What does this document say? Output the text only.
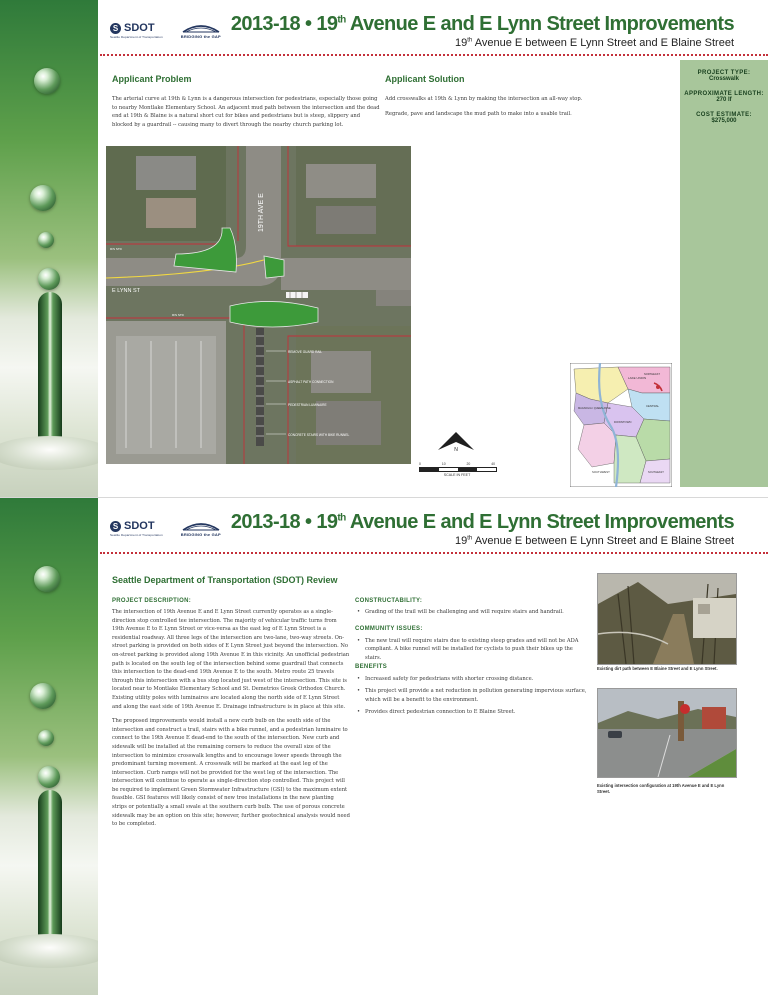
S SDOT
Seattle Department of Transportation	BRIDGING the GAP
2013-18 • 19th Avenue E and E Lynn Street Improvements
19th Avenue E between E Lynn Street and E Blaine Street
Applicant Problem

The arterial curve at 19th & Lynn is a dangerous intersection for pedestrians, especially those going to nearby Montlake Elementary School. An adjacent mud path between the intersection and the dead end at 19th & Blaine is a natural short cut for bikes and pedestrians but is steep, slippery and blocked by a guardrail -- causing many to divert through the nearby church parking lot.

Applicant Solution

Add crosswalks at 19th & Lynn by making the intersection an all-way stop.

Regrade, pave and landscape the mud path to make into a usable trail.

PROJECT TYPE:
Crosswalk
APPROXIMATE LENGTH:
270 lf
COST ESTIMATE:
$275,000
19TH AVE E
E LYNN ST
R/S STD
R/S STD
REMOVE GUARD RAIL
ASPHALT PATH CONNECTION
PEDESTRIAN LUMINAIRE
CONCRETE STAIRS WITH BIKE RUNNEL
N
0	10	20	40
SCALE IN FEET
LAKE UNION
MAGNOLIA / QUEEN ANNE
DOWNTOWN
CENTRAL
SOUTHWEST	SOUTHEAST
NORTHEAST
S SDOT
Seattle Department of Transportation	BRIDGING the GAP
2013-18 • 19th Avenue E and E Lynn Street Improvements
19th Avenue E between E Lynn Street and E Blaine Street
Seattle Department of Transportation (SDOT) Review
PROJECT DESCRIPTION:

The intersection of 19th Avenue E and E Lynn Street currently operates as a single-direction stop controlled tee intersection. The majority of vehicular traffic turns from 19th Avenue E to E Lynn Street or vice-versa as the east leg of E Lynn Street is a residential roadway. All three legs of the intersection are two-lane, two-way streets. On-street parking is provided on both sides of E Lynn Street just beyond the intersection. No on-street parking is provided along 19th Avenue E in this vicinity. An unofficial pedestrian path is located on the south leg of the intersection behind some guardrail that connects this intersection to the dead-end 19th Avenue E to the south. Metro route 25 travels through this intersection with a bus stop located just west of the intersection. This site is located near to Montlake Elementary School and St. Demetrios Greek Orthodox Church. Existing utility poles with luminaires are located along the north side of E Lynn Street and along the east side of 19th Avenue E. Drainage infrastructure is in place at this site.

The proposed improvements would install a new curb bulb on the south side of the intersection and construct a trail, stairs with a bike runnel, and a pedestrian luminaire to connect to the 19th Avenue E dead-end to the south of the intersection. New curb and sidewalk will be installed at the remaining corners to reduce the overall size of the intersection to minimize crosswalk lengths and to encourage lower speeds through the predominant turning movement. A crosswalk will be marked at the east leg of the intersection. Curb ramps will not be provided for the west leg of the intersection. The intersection will continue to operate as single-direction stop controlled. This project will be required to implement Green Stormwater Infrastructure (GSI) to the maximum extent feasible. GSI features will likely consist of new tree installations in the new planting strips or potentially a small swale at the southern curb bulb. The use of porous concrete sidewalk may be an option on this site; however, further geotechnical analysis would need to be completed.

CONSTRUCTABILITY:
• Grading of the trail will be challenging and will require stairs and handrail.
COMMUNITY ISSUES:
• The new trail will require stairs due to existing steep grades and will not be ADA compliant. A bike runnel will be installed for cyclists to push their bikes up the stairs.
BENEFITS
• Increased safety for pedestrians with shorter crossing distance.
• This project will provide a net reduction in pollution generating impervious surface, which will be a benefit to the environment.
• Provides direct pedestrian connection to E Blaine Street.
Existing dirt path between E Blaine Street and E Lynn Street.
Existing intersection configuration at 19th Avenue E and E Lynn Street.
